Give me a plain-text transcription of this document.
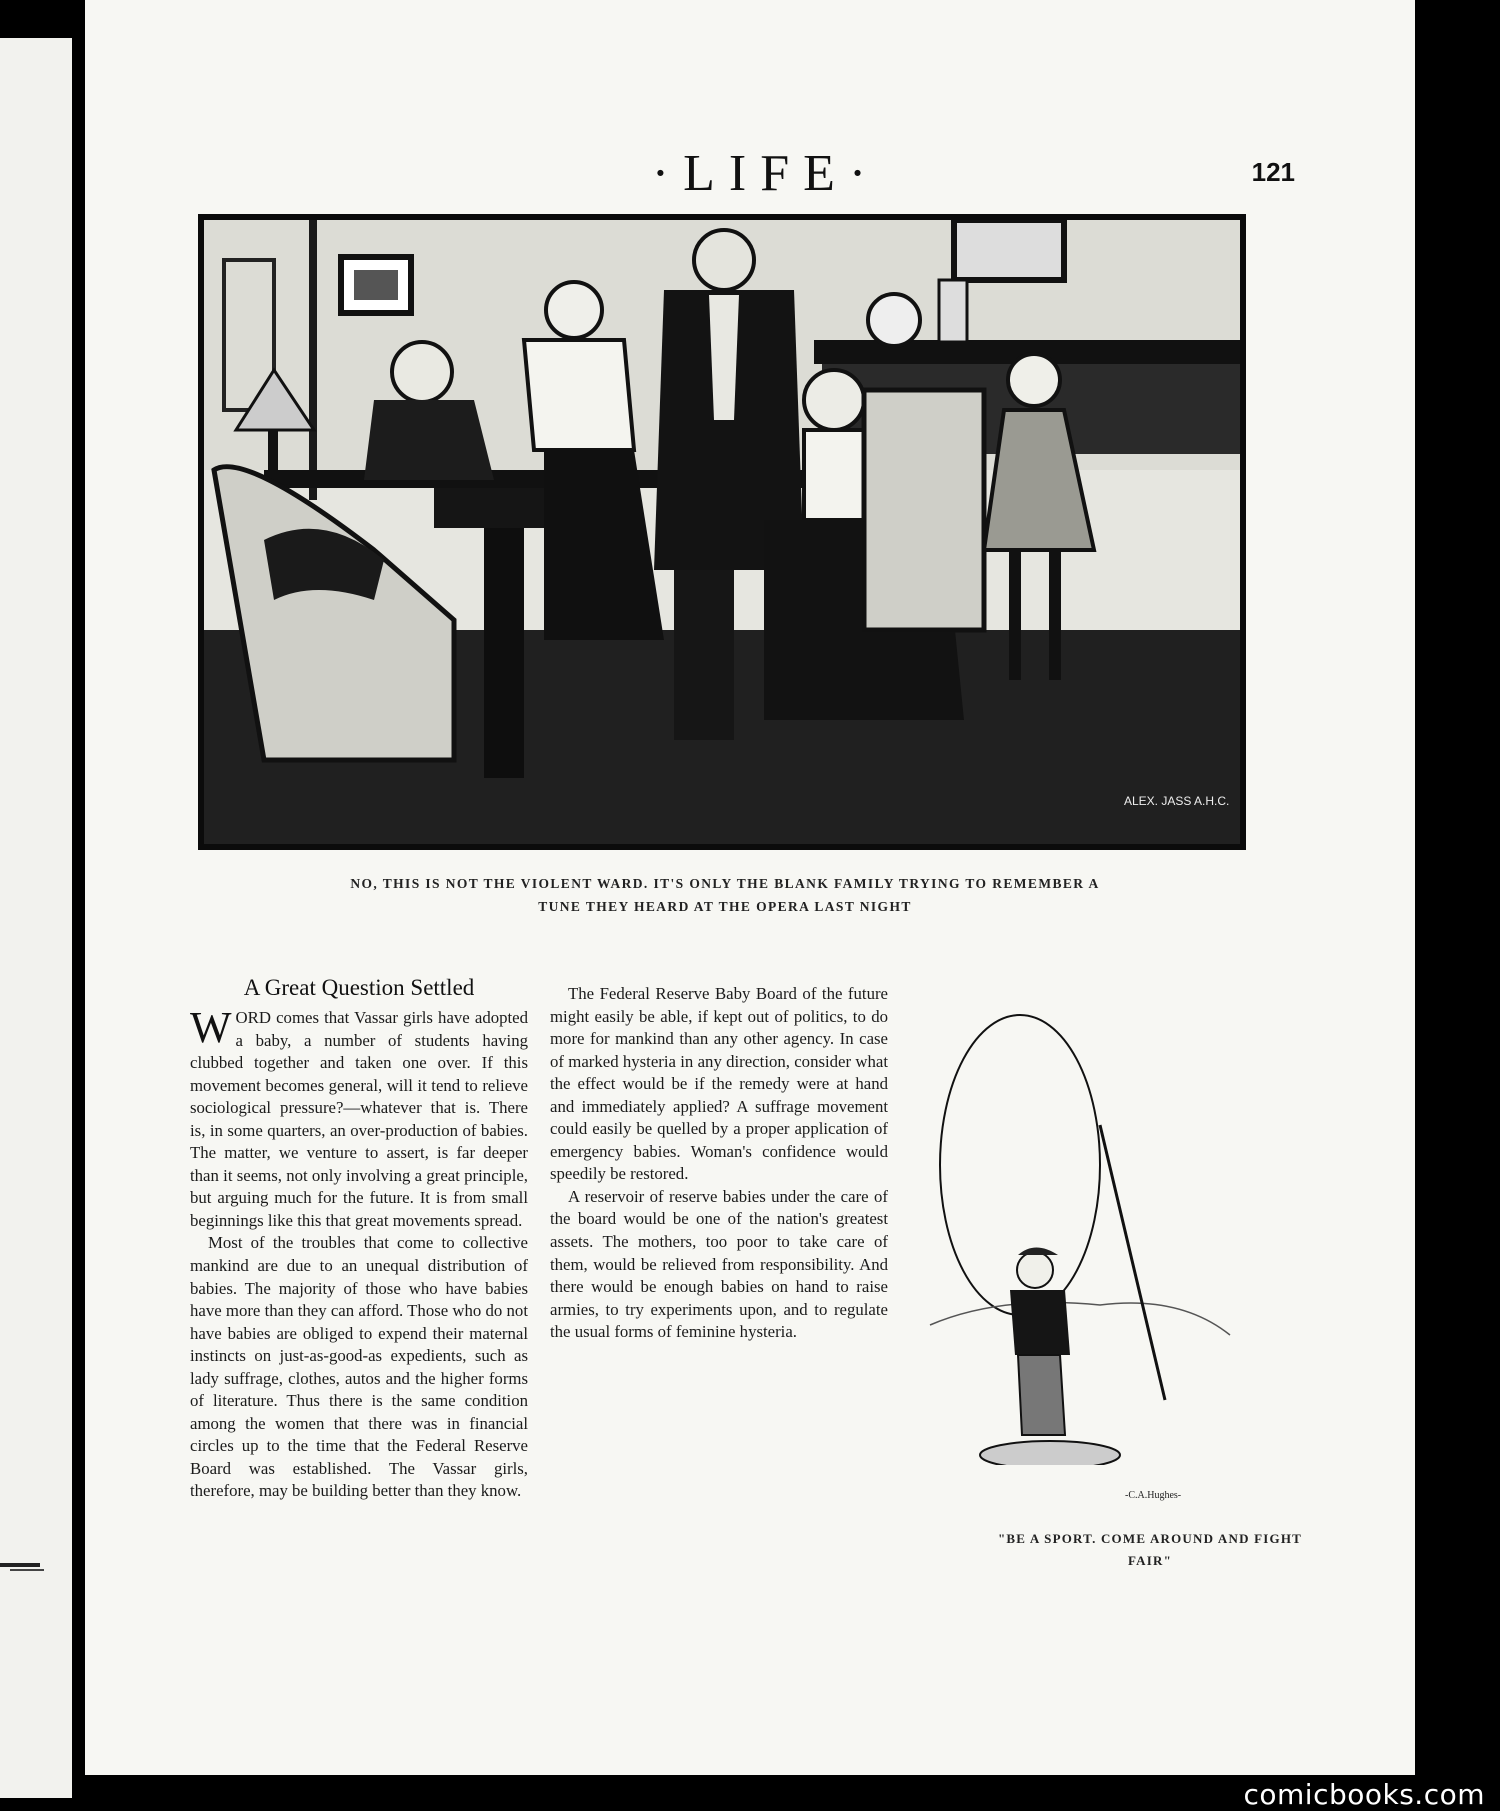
·LIFE·	121
ALEX. JASS A.H.C.
NO, THIS IS NOT THE VIOLENT WARD. IT'S ONLY THE BLANK FAMILY TRYING TO REMEMBER A
TUNE THEY HEARD AT THE OPERA LAST NIGHT
A Great Question Settled

WORD comes that Vassar girls have adopted a baby, a number of students having clubbed together and taken one over. If this movement becomes general, will it tend to relieve sociological pressure?—whatever that is. There is, in some quarters, an over-production of babies. The matter, we venture to assert, is far deeper than it seems, not only involving a great principle, but arguing much for the future. It is from small beginnings like this that great movements spread.

Most of the troubles that come to collective mankind are due to an unequal distribution of babies. The majority of those who have babies have more than they can afford. Those who do not have babies are obliged to expend their maternal instincts on just-as-good-as expedients, such as lady suffrage, clothes, autos and the higher forms of literature. Thus there is the same condition among the women that there was in financial circles up to the time that the Federal Reserve Board was established. The Vassar girls, therefore, may be building better than they know.

The Federal Reserve Baby Board of the future might easily be able, if kept out of politics, to do more for mankind than any other agency. In case of marked hysteria in any direction, consider what the effect would be if the remedy were at hand and immediately applied? A suffrage movement could easily be quelled by a proper application of emergency babies. Woman's confidence would speedily be restored.

A reservoir of reserve babies under the care of the board would be one of the nation's greatest assets. The mothers, too poor to take care of them, would be relieved from responsibility. And there would be enough babies on hand to raise armies, to try experiments upon, and to regulate the usual forms of feminine hysteria.

-C.A.Hughes-
"BE A SPORT. COME AROUND AND FIGHT
FAIR"
comicbooks.com
